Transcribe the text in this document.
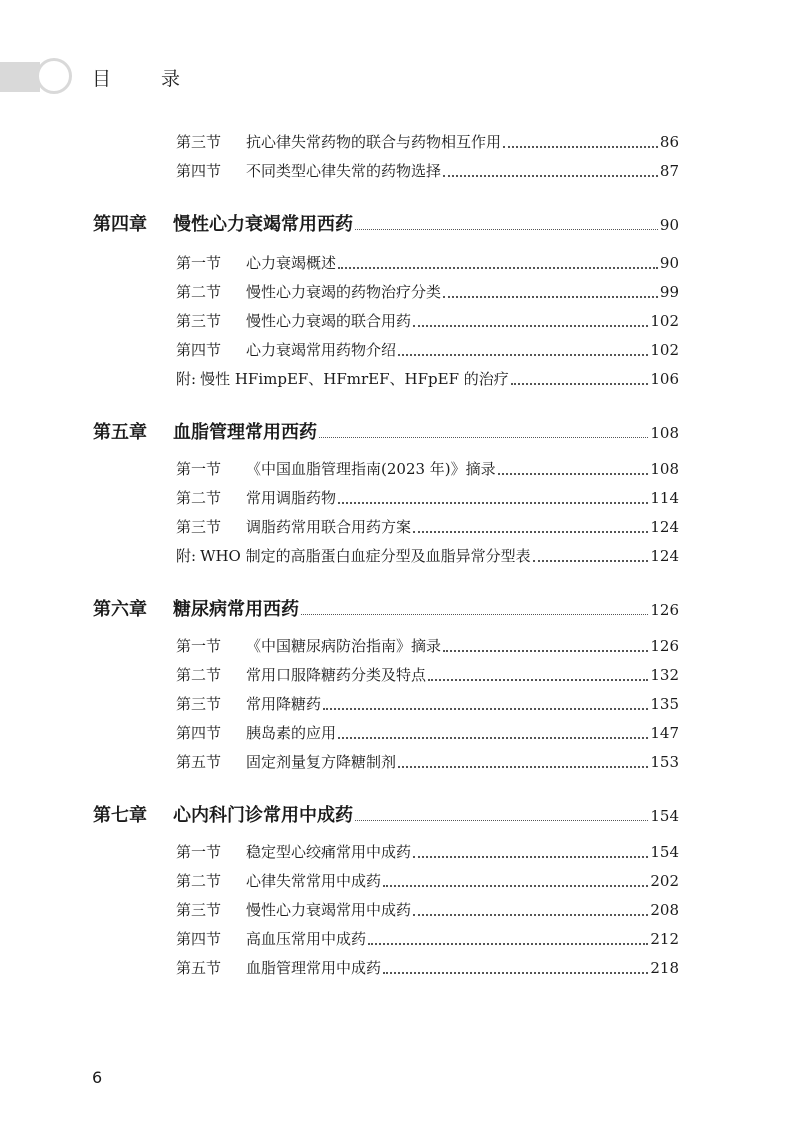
目 录
第三节	抗心律失常药物的联合与药物相互作用	86
第四节	不同类型心律失常的药物选择	87
第四章	慢性心力衰竭常用西药	90
第一节	心力衰竭概述	90
第二节	慢性心力衰竭的药物治疗分类	99
第三节	慢性心力衰竭的联合用药	102
第四节	心力衰竭常用药物介绍	102
附: 慢性 HFimpEF、HFmrEF、HFpEF 的治疗	106
第五章	血脂管理常用西药	108
第一节	《中国血脂管理指南(2023 年)》摘录	108
第二节	常用调脂药物	114
第三节	调脂药常用联合用药方案	124
附: WHO 制定的高脂蛋白血症分型及血脂异常分型表	124
第六章	糖尿病常用西药	126
第一节	《中国糖尿病防治指南》摘录	126
第二节	常用口服降糖药分类及特点	132
第三节	常用降糖药	135
第四节	胰岛素的应用	147
第五节	固定剂量复方降糖制剂	153
第七章	心内科门诊常用中成药	154
第一节	稳定型心绞痛常用中成药	154
第二节	心律失常常用中成药	202
第三节	慢性心力衰竭常用中成药	208
第四节	高血压常用中成药	212
第五节	血脂管理常用中成药	218
6
